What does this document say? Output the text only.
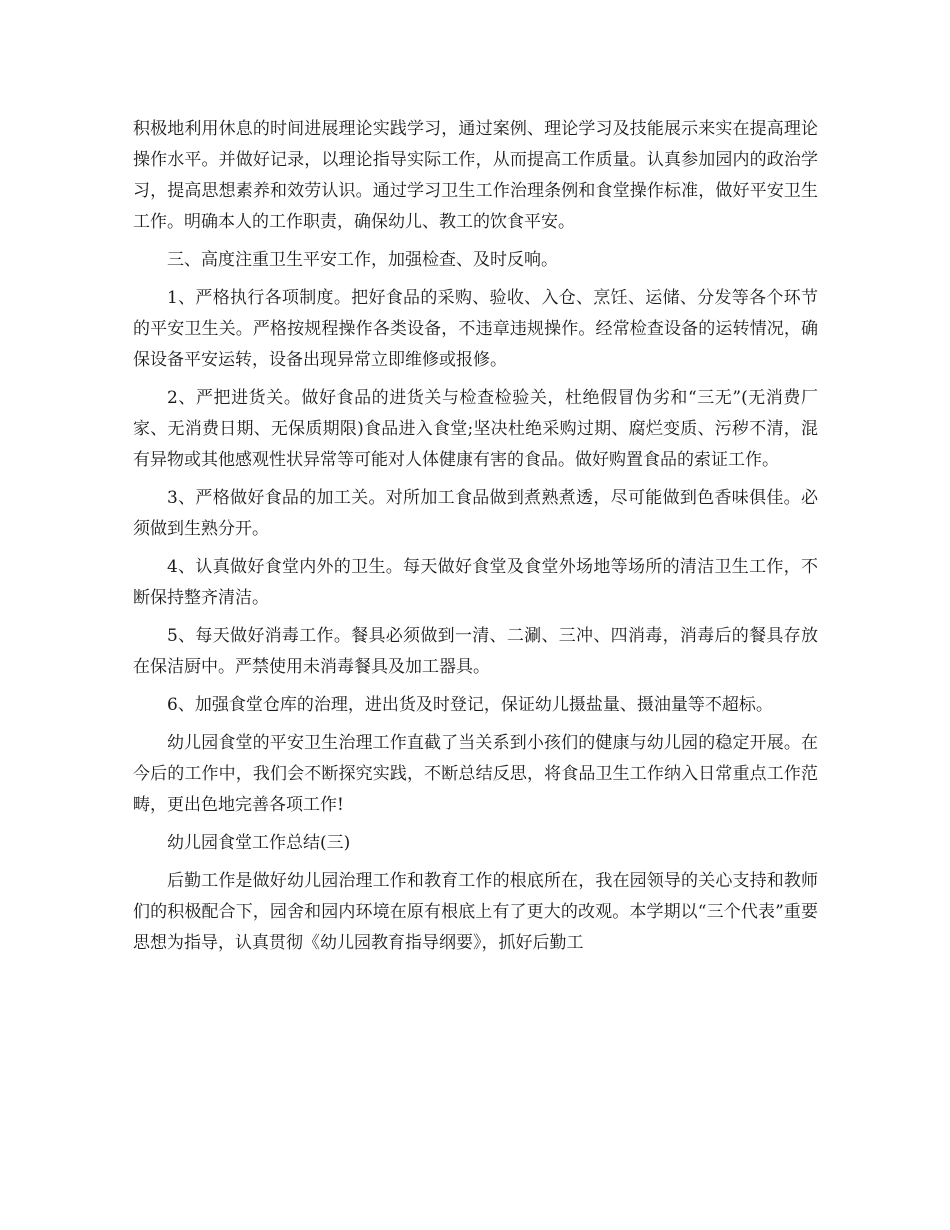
积极地利用休息的时间进展理论实践学习，通过案例、理论学习及技能展示来实在提高理论操作水平。并做好记录，以理论指导实际工作，从而提高工作质量。认真参加园内的政治学习，提高思想素养和效劳认识。通过学习卫生工作治理条例和食堂操作标准，做好平安卫生工作。明确本人的工作职责，确保幼儿、教工的饮食平安。

三、高度注重卫生平安工作，加强检查、及时反响。

1、严格执行各项制度。把好食品的采购、验收、入仓、烹饪、运储、分发等各个环节的平安卫生关。严格按规程操作各类设备，不违章违规操作。经常检查设备的运转情况，确保设备平安运转，设备出现异常立即维修或报修。

2、严把进货关。做好食品的进货关与检查检验关，杜绝假冒伪劣和“三无”(无消费厂家、无消费日期、无保质期限)食品进入食堂;坚决杜绝采购过期、腐烂变质、污秽不清，混有异物或其他感观性状异常等可能对人体健康有害的食品。做好购置食品的索证工作。

3、严格做好食品的加工关。对所加工食品做到煮熟煮透，尽可能做到色香味俱佳。必须做到生熟分开。

4、认真做好食堂内外的卫生。每天做好食堂及食堂外场地等场所的清洁卫生工作，不断保持整齐清洁。

5、每天做好消毒工作。餐具必须做到一清、二涮、三冲、四消毒，消毒后的餐具存放在保洁厨中。严禁使用未消毒餐具及加工器具。

6、加强食堂仓库的治理，进出货及时登记，保证幼儿摄盐量、摄油量等不超标。

幼儿园食堂的平安卫生治理工作直截了当关系到小孩们的健康与幼儿园的稳定开展。在今后的工作中，我们会不断探究实践，不断总结反思，将食品卫生工作纳入日常重点工作范畴，更出色地完善各项工作!

幼儿园食堂工作总结(三)

后勤工作是做好幼儿园治理工作和教育工作的根底所在，我在园领导的关心支持和教师们的积极配合下，园舍和园内环境在原有根底上有了更大的改观。本学期以“三个代表”重要思想为指导，认真贯彻《幼儿园教育指导纲要》，抓好后勤工
